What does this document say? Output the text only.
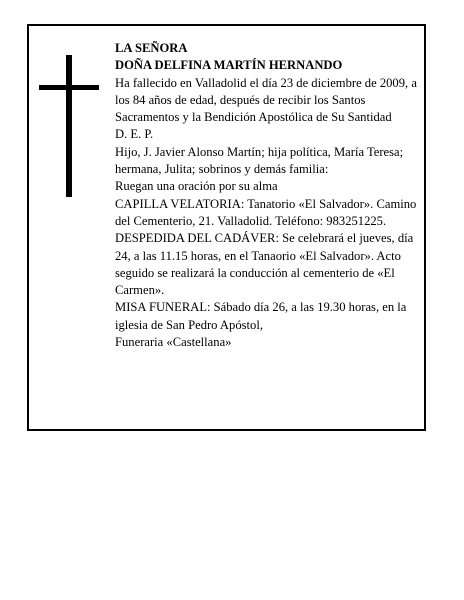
LA SEÑORA

DOÑA DELFINA MARTÍN HERNANDO

Ha fallecido en Valladolid el día 23 de diciembre de 2009, a los 84 años de edad, después de recibir los Santos Sacramentos y la Bendición Apostólica de Su Santidad

D. E. P.

Hijo, J. Javier Alonso Martín; hija política, María Teresa; hermana, Julita; sobrinos y demás familia:

Ruegan una oración por su alma

CAPILLA VELATORIA: Tanatorio «El Salvador». Camino del Cementerio, 21. Valladolid. Teléfono: 983251225.

DESPEDIDA DEL CADÁVER: Se celebrará el jueves, día 24, a las 11.15 horas, en el Tanaorio «El Salvador». Acto seguido se realizará la conducción al cementerio de «El Carmen».

MISA FUNERAL: Sábado día 26, a las 19.30 horas, en la iglesia de San Pedro Apóstol,

Funeraria «Castellana»
